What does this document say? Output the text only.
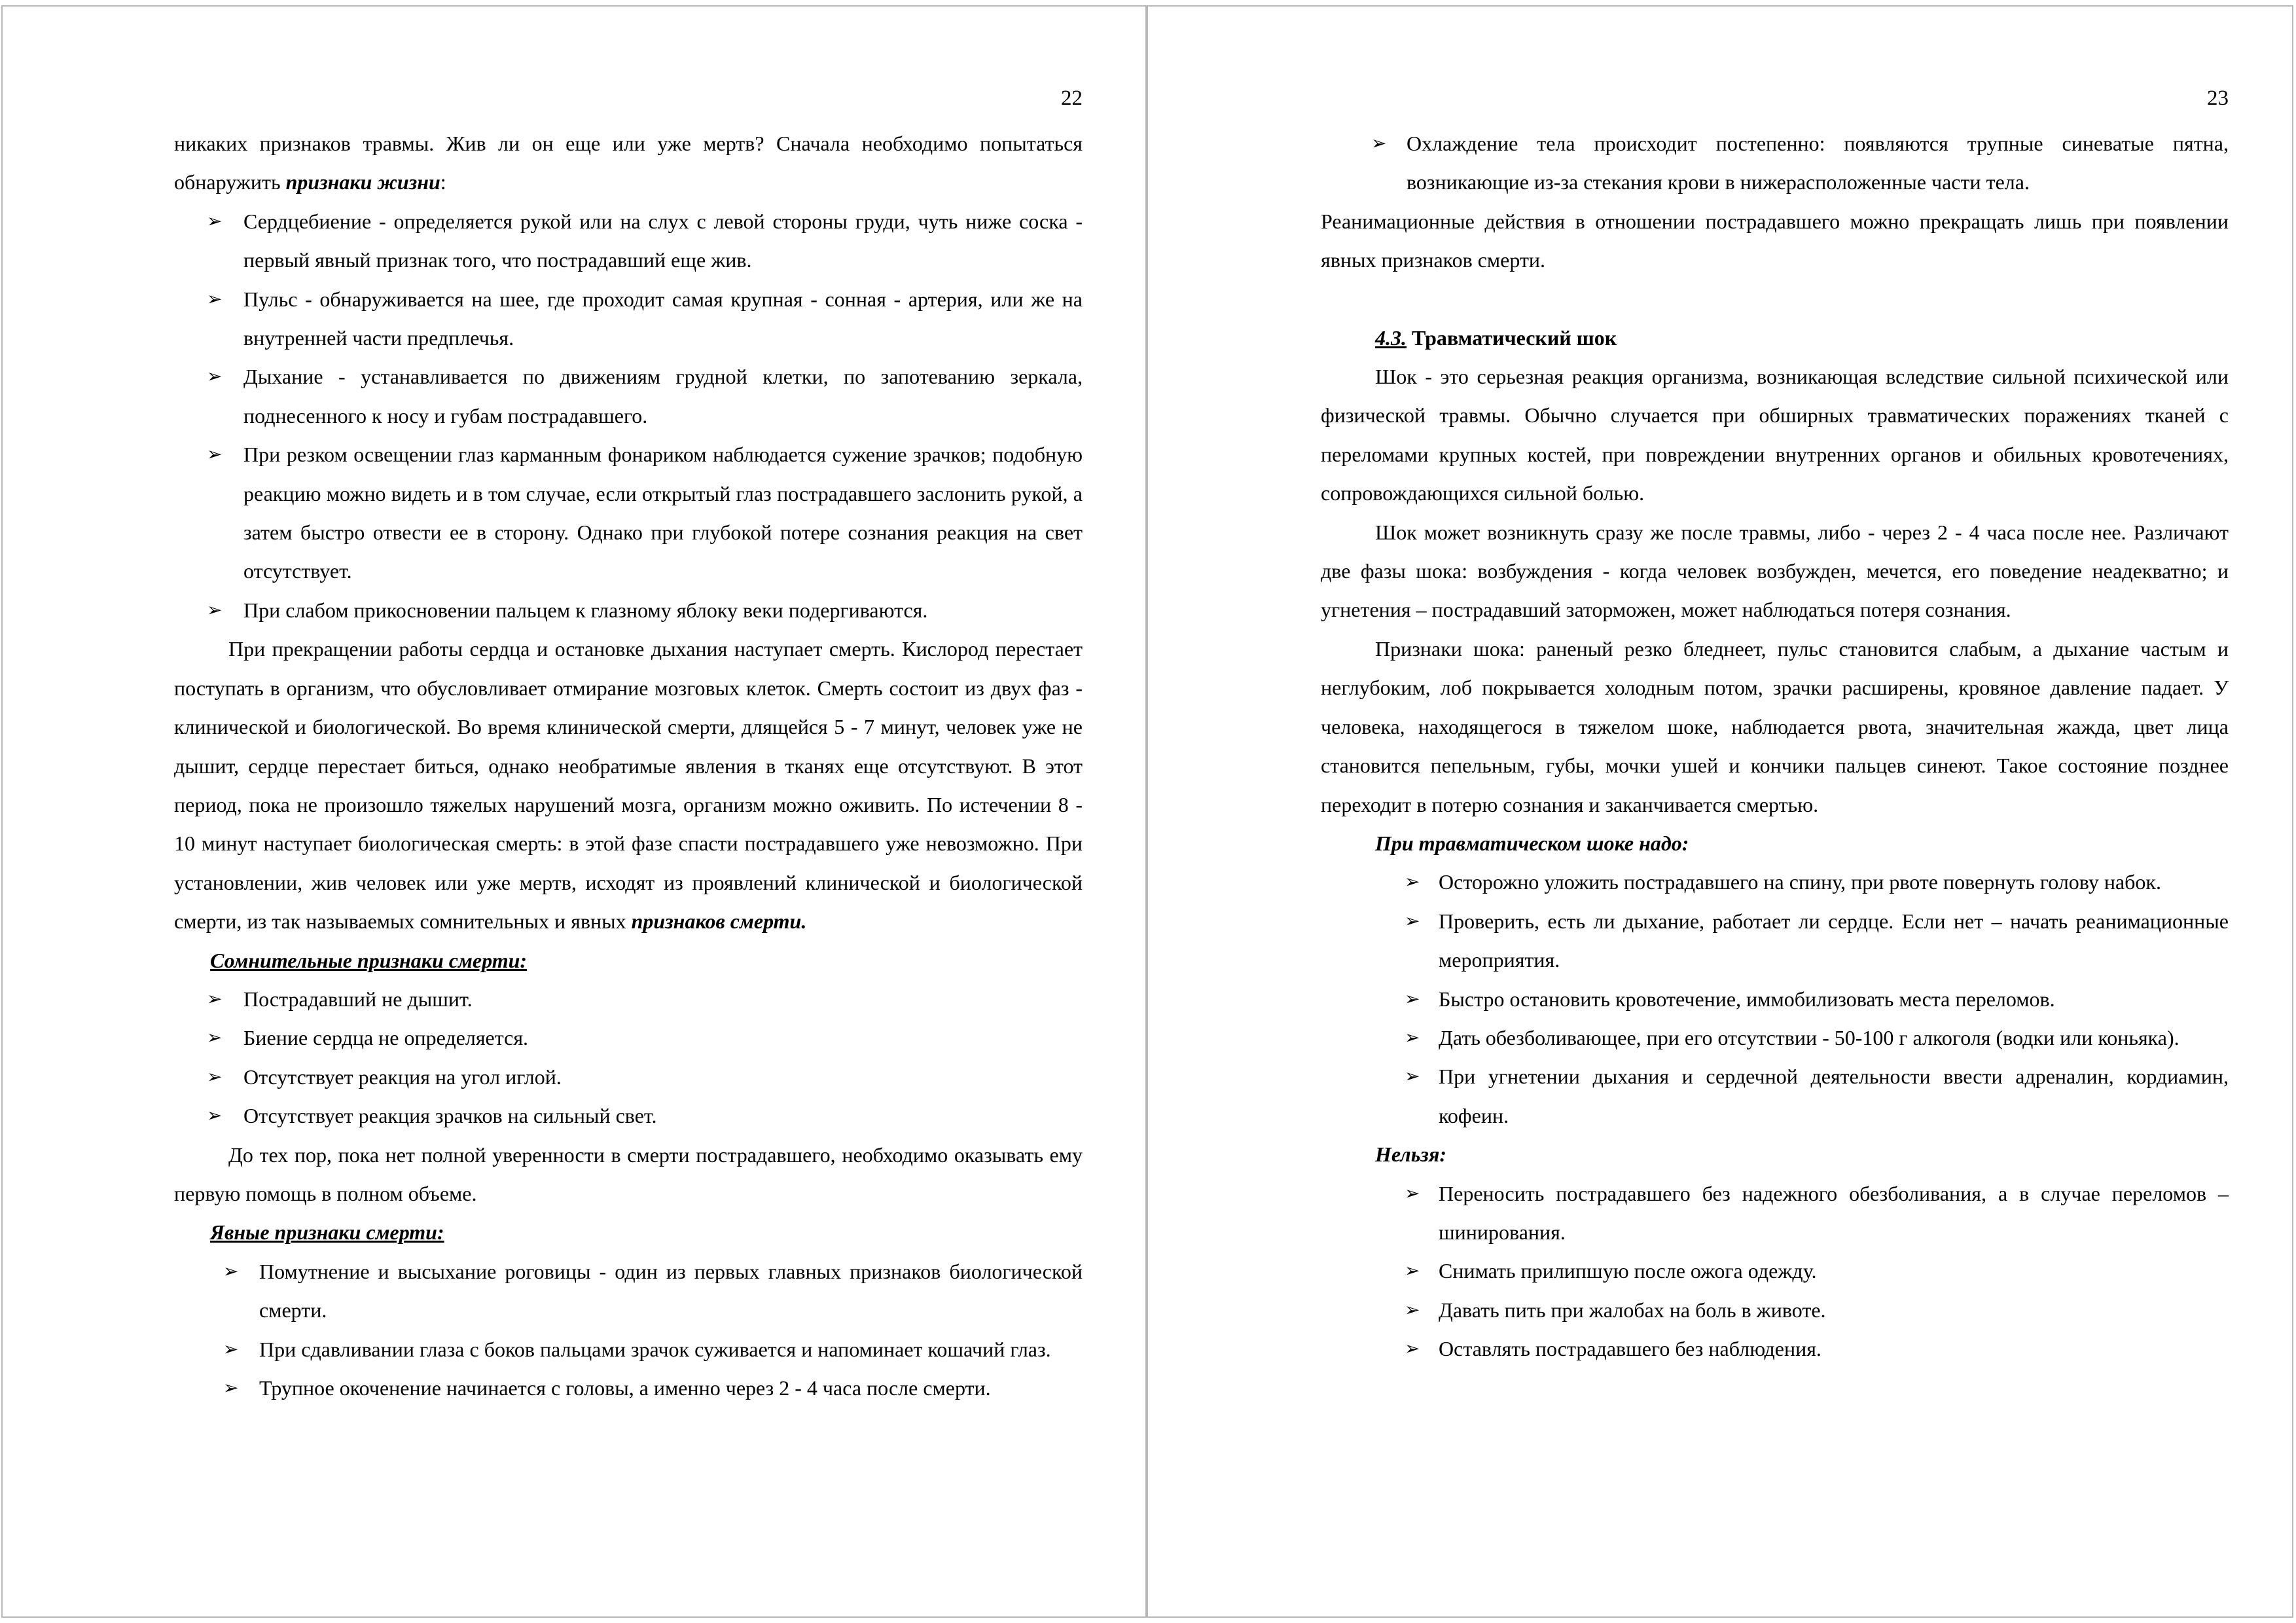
22

никаких признаков травмы. Жив ли он еще или уже мертв? Сначала необходимо попытаться обнаружить признаки жизни:

➢ Сердцебиение - определяется рукой или на слух с левой стороны груди, чуть ниже соска - первый явный признак того, что пострадавший еще жив.
➢ Пульс - обнаруживается на шее, где проходит самая крупная - сонная - артерия, или же на внутренней части предплечья.
➢ Дыхание - устанавливается по движениям грудной клетки, по запотеванию зеркала, поднесенного к носу и губам пострадавшего.
➢ При резком освещении глаз карманным фонариком наблюдается сужение зрачков; подобную реакцию можно видеть и в том случае, если открытый глаз пострадавшего заслонить рукой, а затем быстро отвести ее в сторону. Однако при глубокой потере сознания реакция на свет отсутствует.
➢ При слабом прикосновении пальцем к глазному яблоку веки подергиваются.

При прекращении работы сердца и остановке дыхания наступает смерть. Кислород перестает поступать в организм, что обусловливает отмирание мозговых клеток. Смерть состоит из двух фаз - клинической и биологической. Во время клинической смерти, длящейся 5 - 7 минут, человек уже не дышит, сердце перестает биться, однако необратимые явления в тканях еще отсутствуют. В этот период, пока не произошло тяжелых нарушений мозга, организм можно оживить. По истечении 8 - 10 минут наступает биологическая смерть: в этой фазе спасти пострадавшего уже невозможно. При установлении, жив человек или уже мертв, исходят из проявлений клинической и биологической смерти, из так называемых сомнительных и явных признаков смерти.

Сомнительные признаки смерти:

➢ Пострадавший не дышит.
➢ Биение сердца не определяется.
➢ Отсутствует реакция на угол иглой.
➢ Отсутствует реакция зрачков на сильный свет.

До тех пор, пока нет полной уверенности в смерти пострадавшего, необходимо оказывать ему первую помощь в полном объеме.

Явные признаки смерти:

➢ Помутнение и высыхание роговицы - один из первых главных признаков биологической смерти.
➢ При сдавливании глаза с боков пальцами зрачок суживается и напоминает кошачий глаз.
➢ Трупное окоченение начинается с головы, а именно через 2 - 4 часа после смерти.
23
➢ Охлаждение тела происходит постепенно: появляются трупные синеватые пятна, возникающие из-за стекания крови в нижерасположенные части тела.

Реанимационные действия в отношении пострадавшего можно прекращать лишь при появлении явных признаков смерти.

4.3. Травматический шок

Шок - это серьезная реакция организма, возникающая вследствие сильной психической или физической травмы. Обычно случается при обширных травматических поражениях тканей с переломами крупных костей, при повреждении внутренних органов и обильных кровотечениях, сопровождающихся сильной болью.

Шок может возникнуть сразу же после травмы, либо - через 2 - 4 часа после нее. Различают две фазы шока: возбуждения - когда человек возбужден, мечется, его поведение неадекватно; и угнетения – пострадавший заторможен, может наблюдаться потеря сознания.

Признаки шока: раненый резко бледнеет, пульс становится слабым, а дыхание частым и неглубоким, лоб покрывается холодным потом, зрачки расширены, кровяное давление падает. У человека, находящегося в тяжелом шоке, наблюдается рвота, значительная жажда, цвет лица становится пепельным, губы, мочки ушей и кончики пальцев синеют. Такое состояние позднее переходит в потерю сознания и заканчивается смертью.

При травматическом шоке надо:

➢ Осторожно уложить пострадавшего на спину, при рвоте повернуть голову набок.
➢ Проверить, есть ли дыхание, работает ли сердце. Если нет – начать реанимационные мероприятия.
➢ Быстро остановить кровотечение, иммобилизовать места переломов.
➢ Дать обезболивающее, при его отсутствии - 50-100 г алкоголя (водки или коньяка).
➢ При угнетении дыхания и сердечной деятельности ввести адреналин, кордиамин, кофеин.

Нельзя:

➢ Переносить пострадавшего без надежного обезболивания, а в случае переломов – шинирования.
➢ Снимать прилипшую после ожога одежду.
➢ Давать пить при жалобах на боль в животе.
➢ Оставлять пострадавшего без наблюдения.
